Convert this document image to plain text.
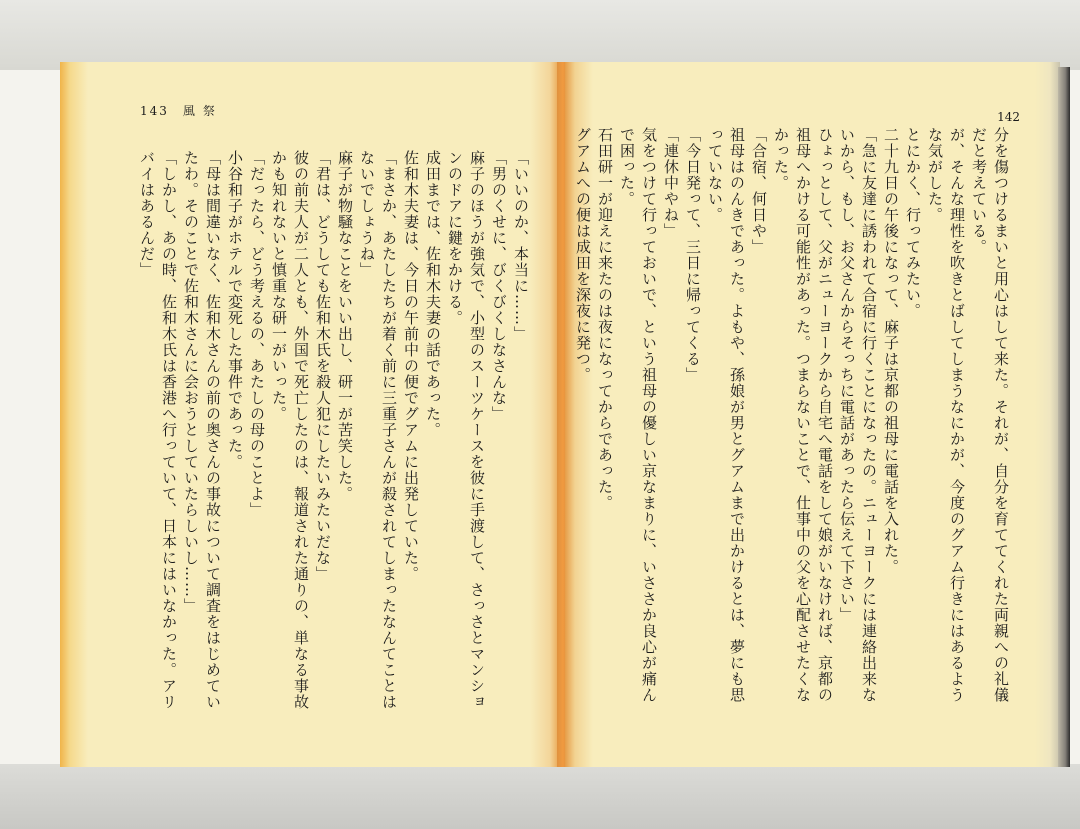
143 風祭

「いいのか、本当に……」

「男のくせに、びくびくしなさんな」

麻子のほうが強気で、小型のスーツケースを彼に手渡して、さっさとマンションのドアに鍵をかける。

成田までは、佐和木夫妻の話であった。

佐和木夫妻は、今日の午前中の便でグアムに出発していた。

「まさか、あたしたちが着く前に三重子さんが殺されてしまったなんてことはないでしょうね」

麻子が物騒なことをいい出し、研一が苦笑した。

「君は、どうしても佐和木氏を殺人犯にしたいみたいだな」

彼の前夫人が二人とも、外国で死亡したのは、報道された通りの、単なる事故かも知れないと慎重な研一がいった。

「だったら、どう考えるの、あたしの母のことよ」

小谷和子がホテルで変死した事件であった。

「母は間違いなく、佐和木さんの前の奥さんの事故について調査をはじめていたわ。そのことで佐和木さんに会おうとしていたらしいし……」

「しかし、あの時、佐和木氏は香港へ行っていて、日本にはいなかった。アリバイはあるんだ」

142

分を傷つけるまいと用心はして来た。それが、自分を育ててくれた両親への礼儀だと考えている。

が、そんな理性を吹きとばしてしまうなにかが、今度のグアム行きにはあるような気がした。

とにかく、行ってみたい。

二十九日の午後になって、麻子は京都の祖母に電話を入れた。

「急に友達に誘われて合宿に行くことになったの。ニューヨークには連絡出来ないから、もし、お父さんからそっちに電話があったら伝えて下さい」

ひょっとして、父がニューヨークから自宅へ電話をして娘がいなければ、京都の祖母へかける可能性があった。つまらないことで、仕事中の父を心配させたくなかった。

「合宿、何日や」

祖母はのんきであった。よもや、孫娘が男とグアムまで出かけるとは、夢にも思っていない。

「今日発って、三日に帰ってくる」

「連休中やね」

気をつけて行っておいで、という祖母の優しい京なまりに、いささか良心が痛んで困った。

石田研一が迎えに来たのは夜になってからであった。

グアムへの便は成田を深夜に発つ。
